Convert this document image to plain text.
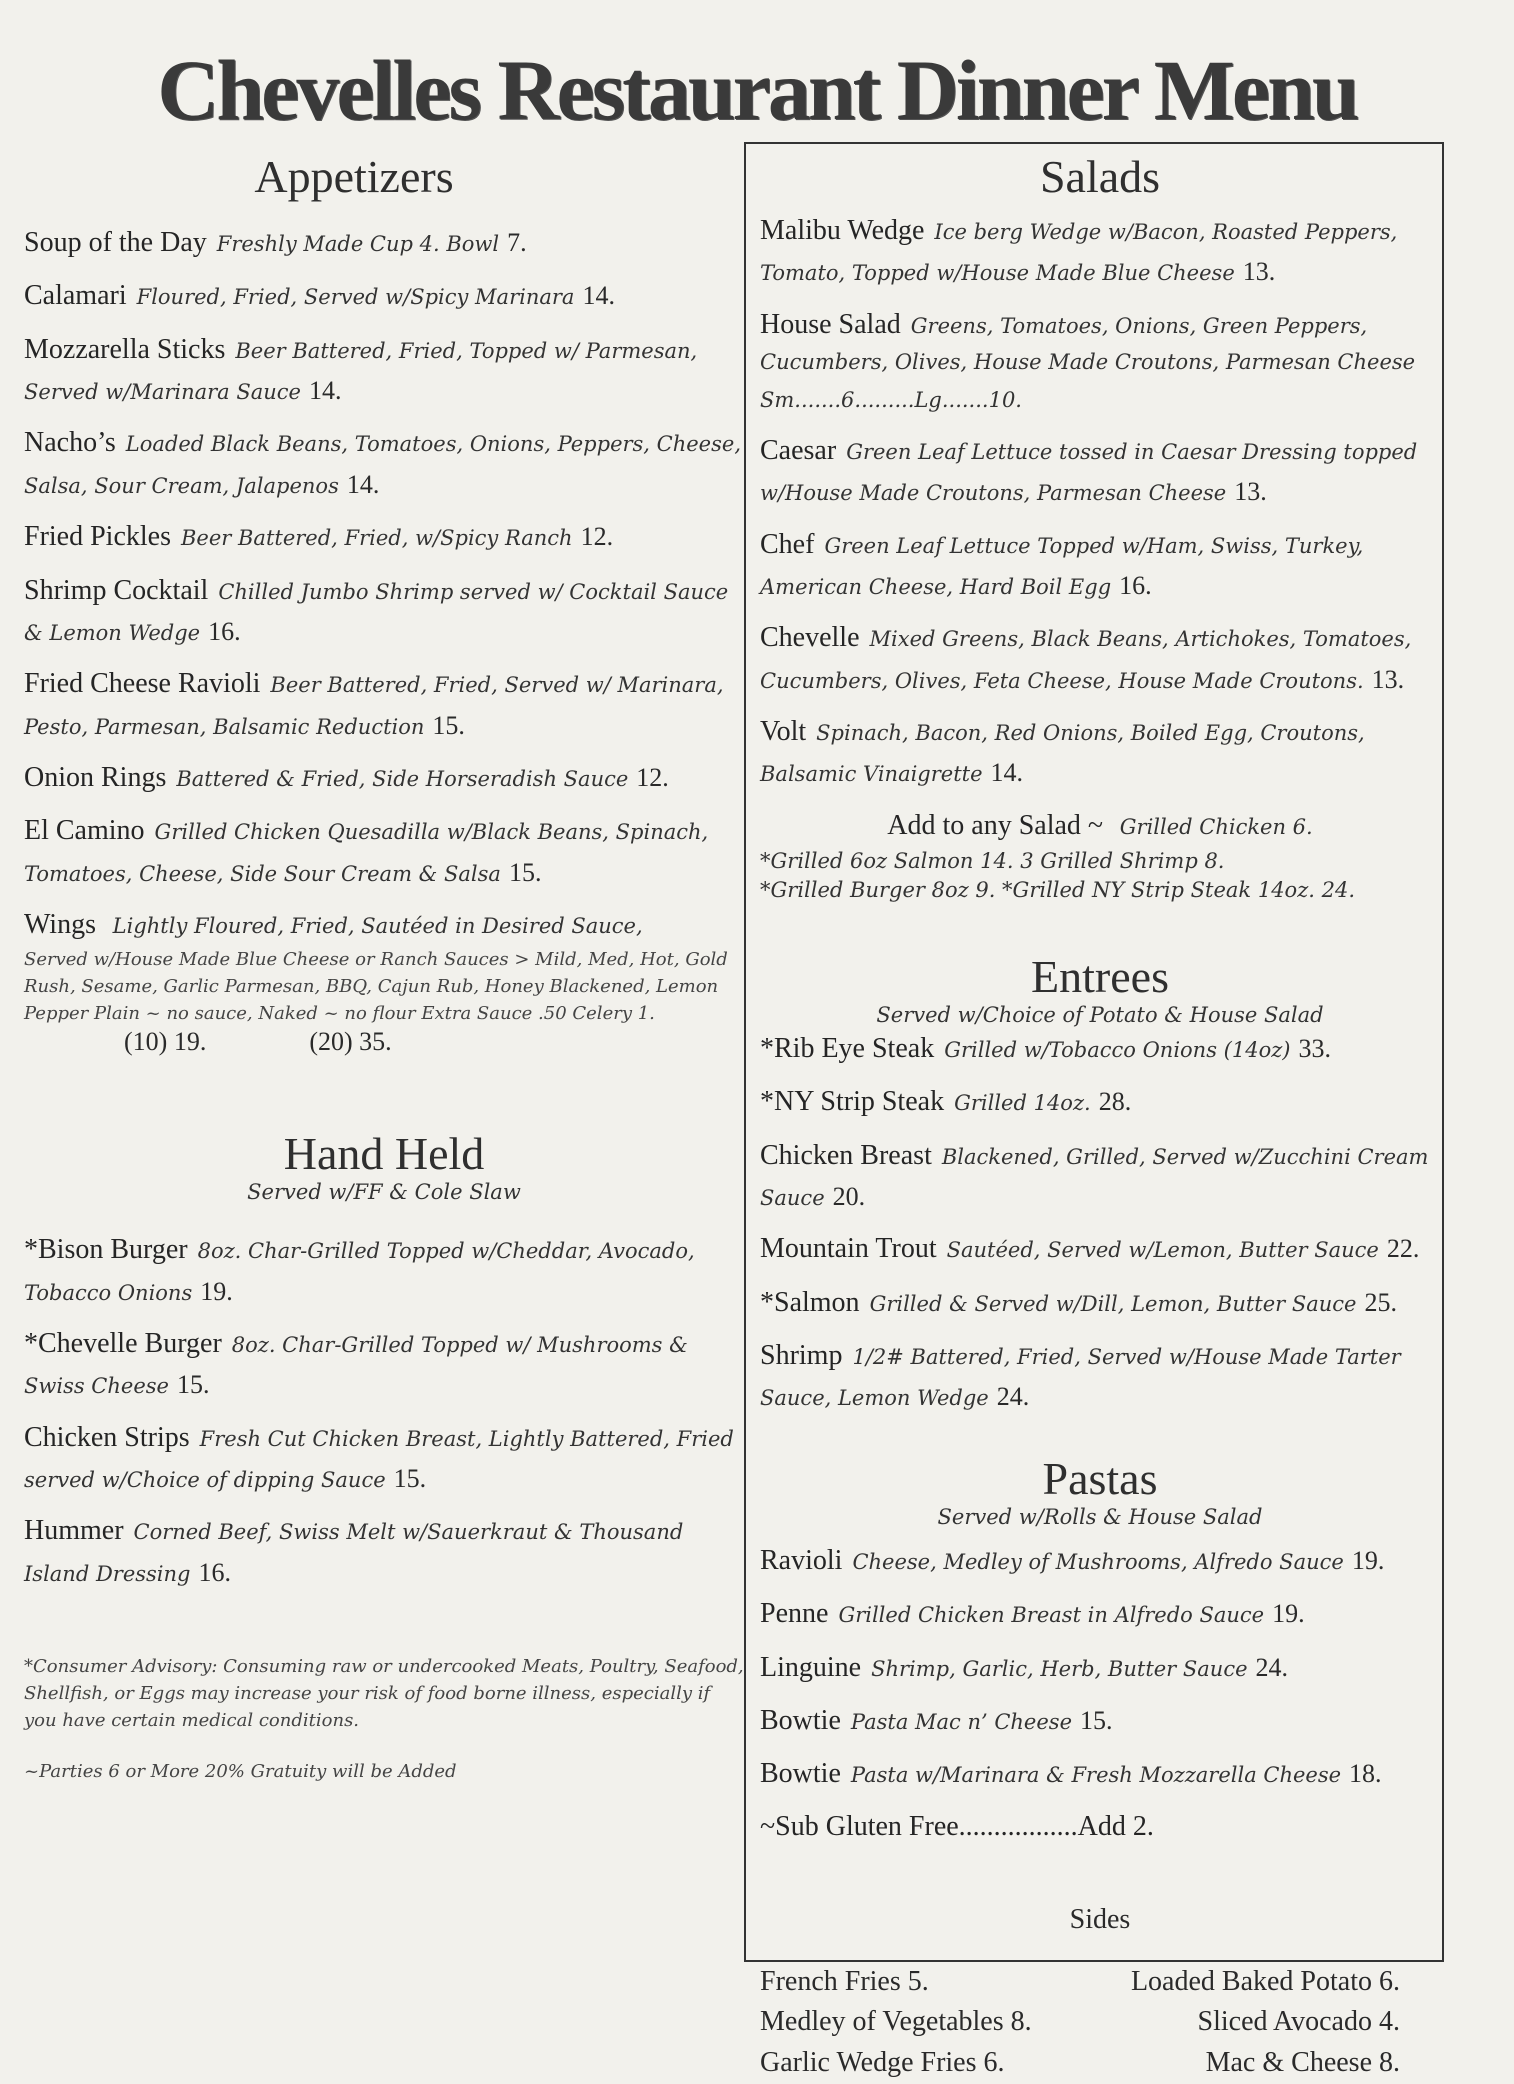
Chevelles Restaurant Dinner Menu
Appetizers
Soup of the Day Freshly Made Cup 4. Bowl 7.
Calamari Floured, Fried, Served w/Spicy Marinara 14.
Mozzarella Sticks Beer Battered, Fried, Topped w/ Parmesan, Served w/Marinara Sauce 14.
Nacho’s Loaded Black Beans, Tomatoes, Onions, Peppers, Cheese, Salsa, Sour Cream, Jalapenos 14.
Fried Pickles Beer Battered, Fried, w/Spicy Ranch 12.
Shrimp Cocktail Chilled Jumbo Shrimp served w/ Cocktail Sauce & Lemon Wedge 16.
Fried Cheese Ravioli Beer Battered, Fried, Served w/ Marinara, Pesto, Parmesan, Balsamic Reduction 15.
Onion Rings Battered & Fried, Side Horseradish Sauce 12.
El Camino Grilled Chicken Quesadilla w/Black Beans, Spinach, Tomatoes, Cheese, Side Sour Cream & Salsa 15.
Wings Lightly Floured, Fried, Sautéed in Desired Sauce,
Served w/House Made Blue Cheese or Ranch Sauces > Mild, Med, Hot, Gold Rush, Sesame, Garlic Parmesan, BBQ, Cajun Rub, Honey Blackened, Lemon Pepper Plain ~ no sauce, Naked ~ no flour Extra Sauce .50 Celery 1.
(10) 19.	(20) 35.
Hand Held
Served w/FF & Cole Slaw
*Bison Burger 8oz. Char-Grilled Topped w/Cheddar, Avocado, Tobacco Onions 19.
*Chevelle Burger 8oz. Char-Grilled Topped w/ Mushrooms & Swiss Cheese 15.
Chicken Strips Fresh Cut Chicken Breast, Lightly Battered, Fried served w/Choice of dipping Sauce 15.
Hummer Corned Beef, Swiss Melt w/Sauerkraut & Thousand Island Dressing 16.
*Consumer Advisory: Consuming raw or undercooked Meats, Poultry, Seafood, Shellfish, or Eggs may increase your risk of food borne illness, especially if you have certain medical conditions.
~Parties 6 or More 20% Gratuity will be Added
Salads
Malibu Wedge Ice berg Wedge w/Bacon, Roasted Peppers, Tomato, Topped w/House Made Blue Cheese 13.
House Salad Greens, Tomatoes, Onions, Green Peppers, Cucumbers, Olives, House Made Croutons, Parmesan Cheese Sm.......6.........Lg.......10.
Caesar Green Leaf Lettuce tossed in Caesar Dressing topped w/House Made Croutons, Parmesan Cheese 13.
Chef Green Leaf Lettuce Topped w/Ham, Swiss, Turkey, American Cheese, Hard Boil Egg 16.
Chevelle Mixed Greens, Black Beans, Artichokes, Tomatoes, Cucumbers, Olives, Feta Cheese, House Made Croutons. 13.
Volt Spinach, Bacon, Red Onions, Boiled Egg, Croutons, Balsamic Vinaigrette 14.
Add to any Salad ~ Grilled Chicken 6.
*Grilled 6oz Salmon 14. 3 Grilled Shrimp 8.
*Grilled Burger 8oz 9. *Grilled NY Strip Steak 14oz. 24.
Entrees
Served w/Choice of Potato & House Salad
*Rib Eye Steak Grilled w/Tobacco Onions (14oz) 33.
*NY Strip Steak Grilled 14oz. 28.
Chicken Breast Blackened, Grilled, Served w/Zucchini Cream Sauce 20.
Mountain Trout Sautéed, Served w/Lemon, Butter Sauce 22.
*Salmon Grilled & Served w/Dill, Lemon, Butter Sauce 25.
Shrimp 1/2# Battered, Fried, Served w/House Made Tarter Sauce, Lemon Wedge 24.
Pastas
Served w/Rolls & House Salad
Ravioli Cheese, Medley of Mushrooms, Alfredo Sauce 19.
Penne Grilled Chicken Breast in Alfredo Sauce 19.
Linguine Shrimp, Garlic, Herb, Butter Sauce 24.
Bowtie Pasta Mac n’ Cheese 15.
Bowtie Pasta w/Marinara & Fresh Mozzarella Cheese 18.
~Sub Gluten Free.................Add 2.
Sides
French Fries 5.	Loaded Baked Potato 6.
Medley of Vegetables 8.	Sliced Avocado 4.
Garlic Wedge Fries 6.	Mac & Cheese 8.
